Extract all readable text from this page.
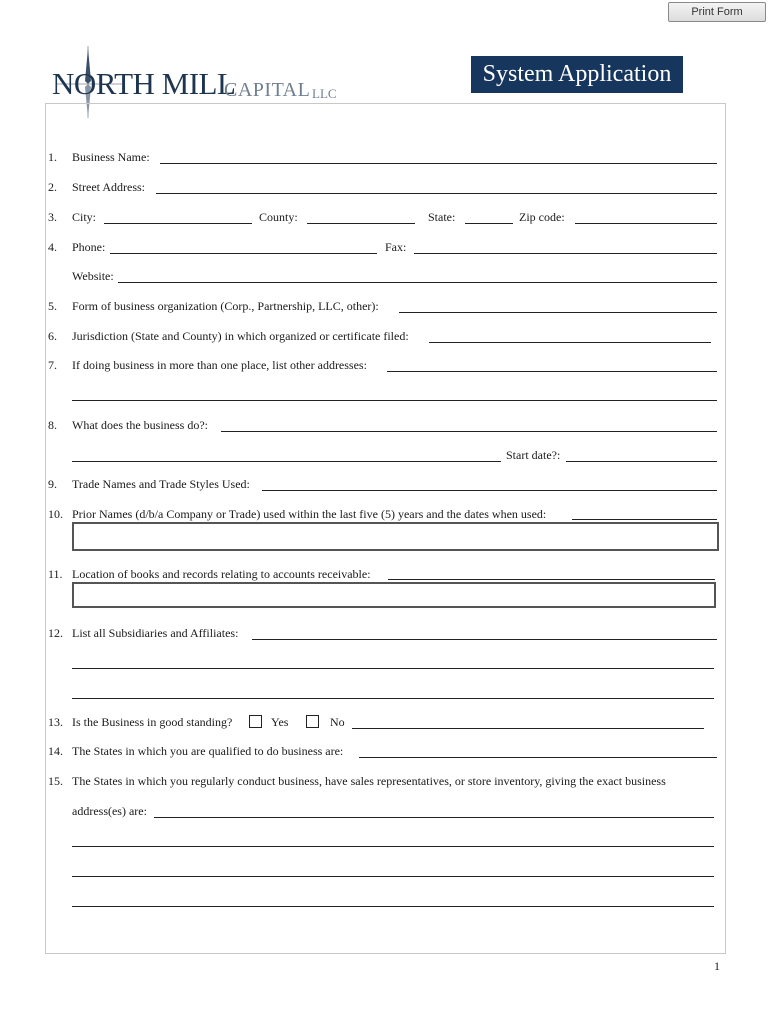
Print Form
NORTH MILL
CAPITAL LLC
System Application
1. Business Name:
2. Street Address:
3. City:	County:	State:	Zip code:
4. Phone:	Fax:
Website:
5. Form of business organization (Corp., Partnership, LLC, other):
6. Jurisdiction (State and County) in which organized or certificate filed:
7. If doing business in more than one place, list other addresses:
8. What does the business do?:
Start date?:
9. Trade Names and Trade Styles Used:
10. Prior Names (d/b/a Company or Trade) used within the last five (5) years and the dates when used:
11. Location of books and records relating to accounts receivable:
12. List all Subsidiaries and Affiliates:
13. Is the Business in good standing?	Yes	No
14. The States in which you are qualified to do business are:
15. The States in which you regularly conduct business, have sales representatives, or store inventory, giving the exact business
address(es) are:
1
